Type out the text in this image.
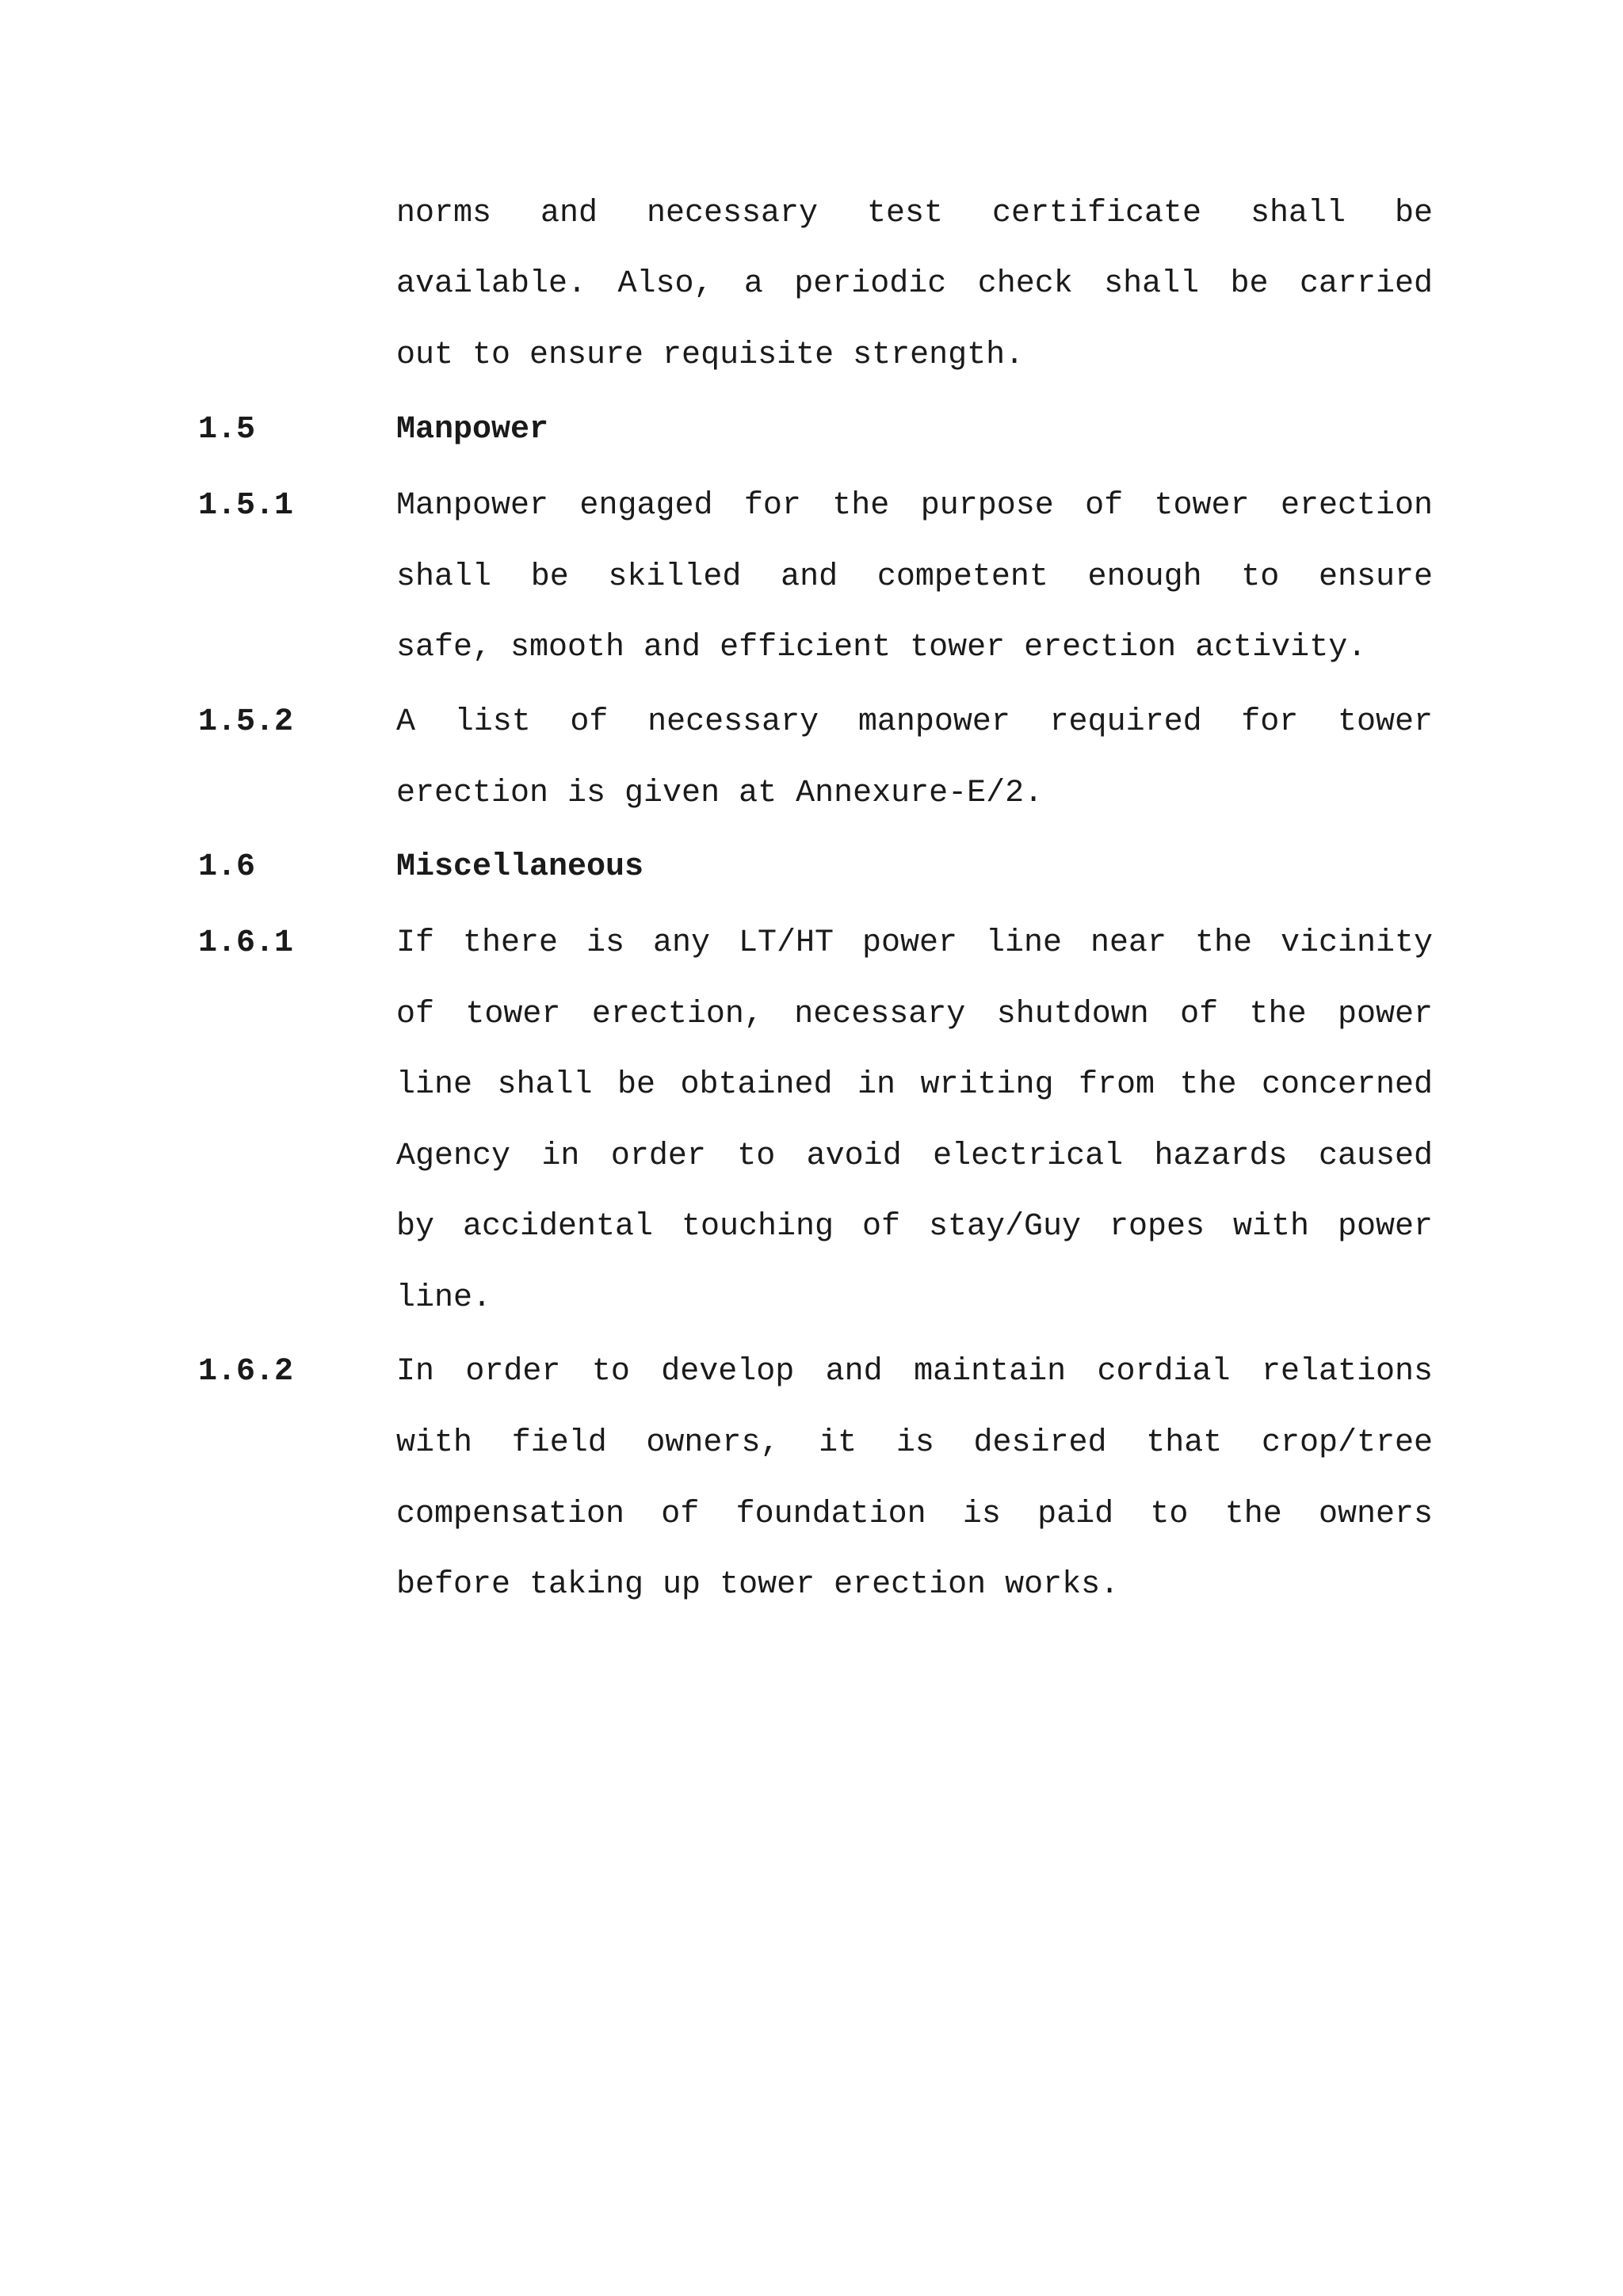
norms and necessary test certificate shall be
available. Also, a periodic check shall be carried
out to ensure requisite strength.
1.5	Manpower
1.5.1	Manpower engaged for the purpose of tower erection
shall be skilled and competent enough to ensure
safe, smooth and efficient tower erection activity.
1.5.2	A list of necessary manpower required for tower
erection is given at Annexure-E/2.
1.6	Miscellaneous
1.6.1	If there is any LT/HT power line near the vicinity
of tower erection, necessary shutdown of the power
line shall be obtained in writing from the concerned
Agency in order to avoid electrical hazards caused
by accidental touching of stay/Guy ropes with power
line.
1.6.2	In order to develop and maintain cordial relations
with field owners, it is desired that crop/tree
compensation of foundation is paid to the owners
before taking up tower erection works.
